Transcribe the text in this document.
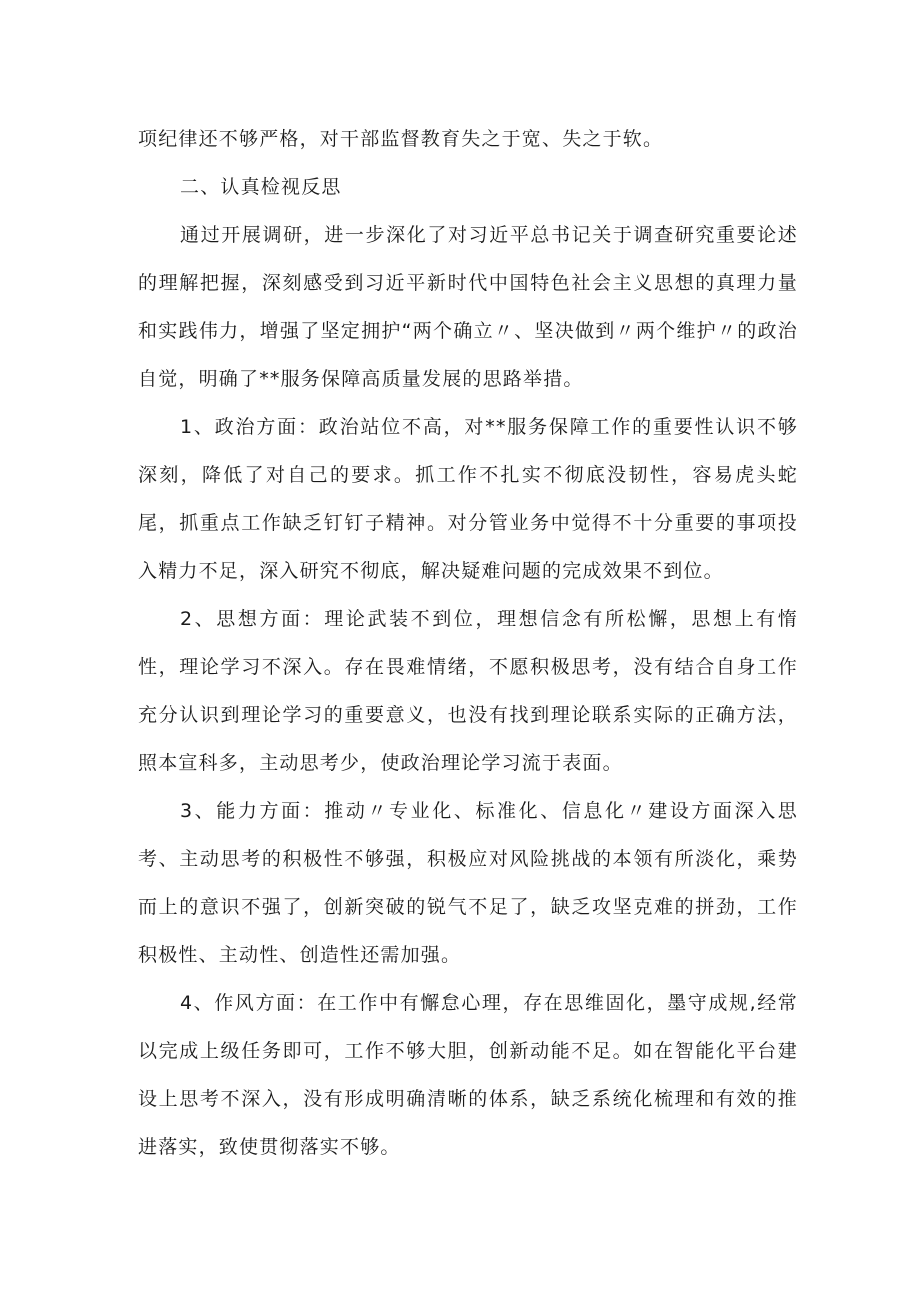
项纪律还不够严格，对干部监督教育失之于宽、失之于软。

二、认真检视反思

通过开展调研，进一步深化了对习近平总书记关于调查研究重要论述的理解把握，深刻感受到习近平新时代中国特色社会主义思想的真理力量和实践伟力，增强了坚定拥护“两个确立〃、坚决做到〃两个维护〃的政治自觉，明确了**服务保障高质量发展的思路举措。

1、政治方面：政治站位不高，对**服务保障工作的重要性认识不够深刻，降低了对自己的要求。抓工作不扎实不彻底没韧性，容易虎头蛇尾，抓重点工作缺乏钉钉子精神。对分管业务中觉得不十分重要的事项投入精力不足，深入研究不彻底，解决疑难问题的完成效果不到位。

2、思想方面：理论武装不到位，理想信念有所松懈，思想上有惰性，理论学习不深入。存在畏难情绪，不愿积极思考，没有结合自身工作充分认识到理论学习的重要意义，也没有找到理论联系实际的正确方法，照本宣科多，主动思考少，使政治理论学习流于表面。

3、能力方面：推动〃专业化、标准化、信息化〃建设方面深入思考、主动思考的积极性不够强，积极应对风险挑战的本领有所淡化，乘势而上的意识不强了，创新突破的锐气不足了，缺乏攻坚克难的拼劲，工作积极性、主动性、创造性还需加强。

4、作风方面：在工作中有懈怠心理，存在思维固化，墨守成规,经常以完成上级任务即可，工作不够大胆，创新动能不足。如在智能化平台建设上思考不深入，没有形成明确清晰的体系，缺乏系统化梳理和有效的推进落实，致使贯彻落实不够。
